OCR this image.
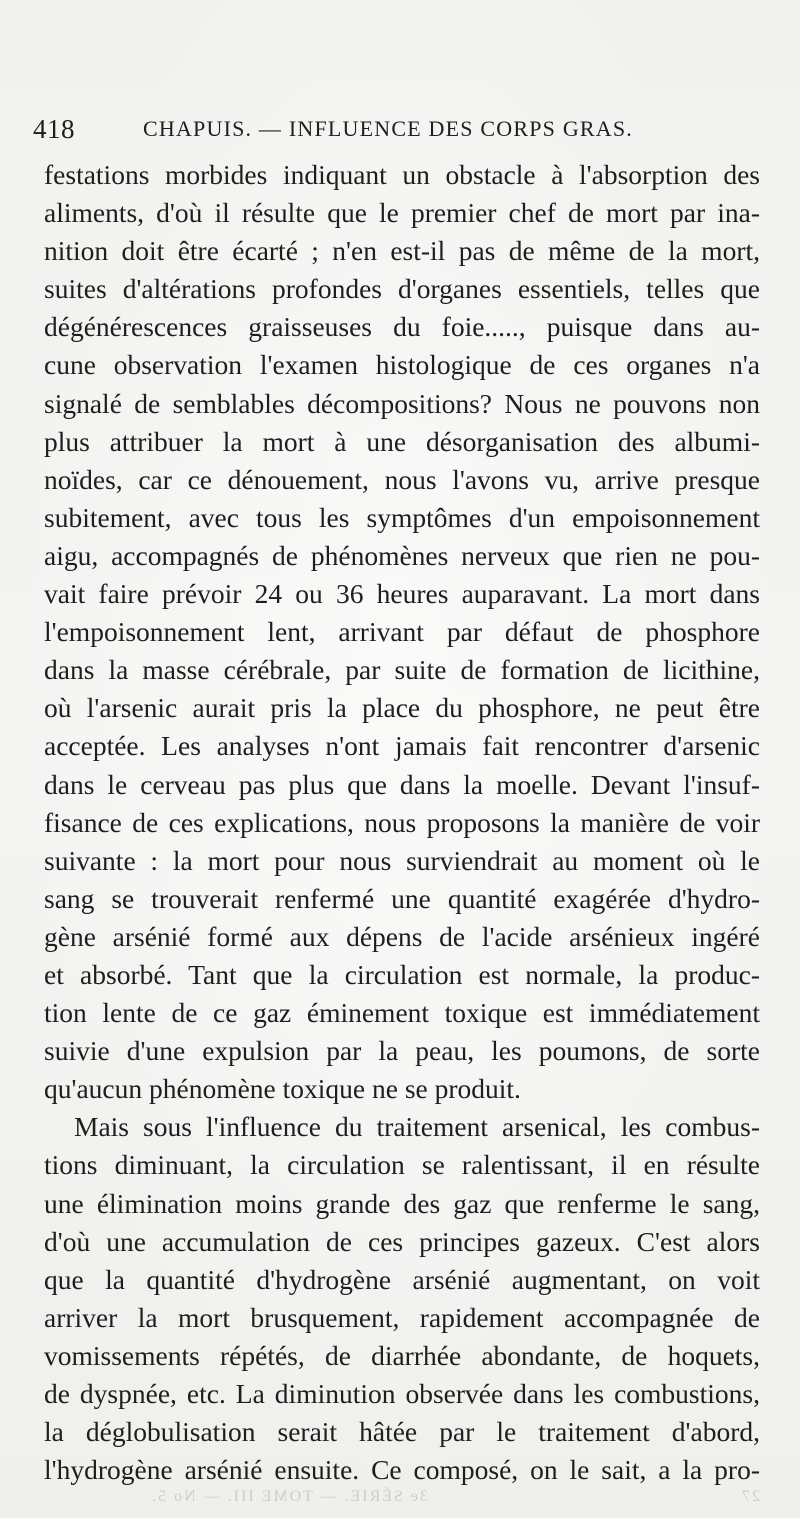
418	CHAPUIS. — INFLUENCE DES CORPS GRAS.
festations morbides indiquant un obstacle à l'absorption des
aliments, d'où il résulte que le premier chef de mort par ina-
nition doit être écarté ; n'en est-il pas de même de la mort,
suites d'altérations profondes d'organes essentiels, telles que
dégénérescences graisseuses du foie....., puisque dans au-
cune observation l'examen histologique de ces organes n'a
signalé de semblables décompositions? Nous ne pouvons non
plus attribuer la mort à une désorganisation des albumi-
noïdes, car ce dénouement, nous l'avons vu, arrive presque
subitement, avec tous les symptômes d'un empoisonnement
aigu, accompagnés de phénomènes nerveux que rien ne pou-
vait faire prévoir 24 ou 36 heures auparavant. La mort dans
l'empoisonnement lent, arrivant par défaut de phosphore
dans la masse cérébrale, par suite de formation de licithine,
où l'arsenic aurait pris la place du phosphore, ne peut être
acceptée. Les analyses n'ont jamais fait rencontrer d'arsenic
dans le cerveau pas plus que dans la moelle. Devant l'insuf-
fisance de ces explications, nous proposons la manière de voir
suivante : la mort pour nous surviendrait au moment où le
sang se trouverait renfermé une quantité exagérée d'hydro-
gène arsénié formé aux dépens de l'acide arsénieux ingéré
et absorbé. Tant que la circulation est normale, la produc-
tion lente de ce gaz éminement toxique est immédiatement
suivie d'une expulsion par la peau, les poumons, de sorte
qu'aucun phénomène toxique ne se produit.
Mais sous l'influence du traitement arsenical, les combus-
tions diminuant, la circulation se ralentissant, il en résulte
une élimination moins grande des gaz que renferme le sang,
d'où une accumulation de ces principes gazeux. C'est alors
que la quantité d'hydrogène arsénié augmentant, on voit
arriver la mort brusquement, rapidement accompagnée de
vomissements répétés, de diarrhée abondante, de hoquets,
de dyspnée, etc. La diminution observée dans les combustions,
la déglobulisation serait hâtée par le traitement d'abord,
l'hydrogène arsénié ensuite. Ce composé, on le sait, a la pro-
27  3e SÉRIE. — TOME III. — No 5.
